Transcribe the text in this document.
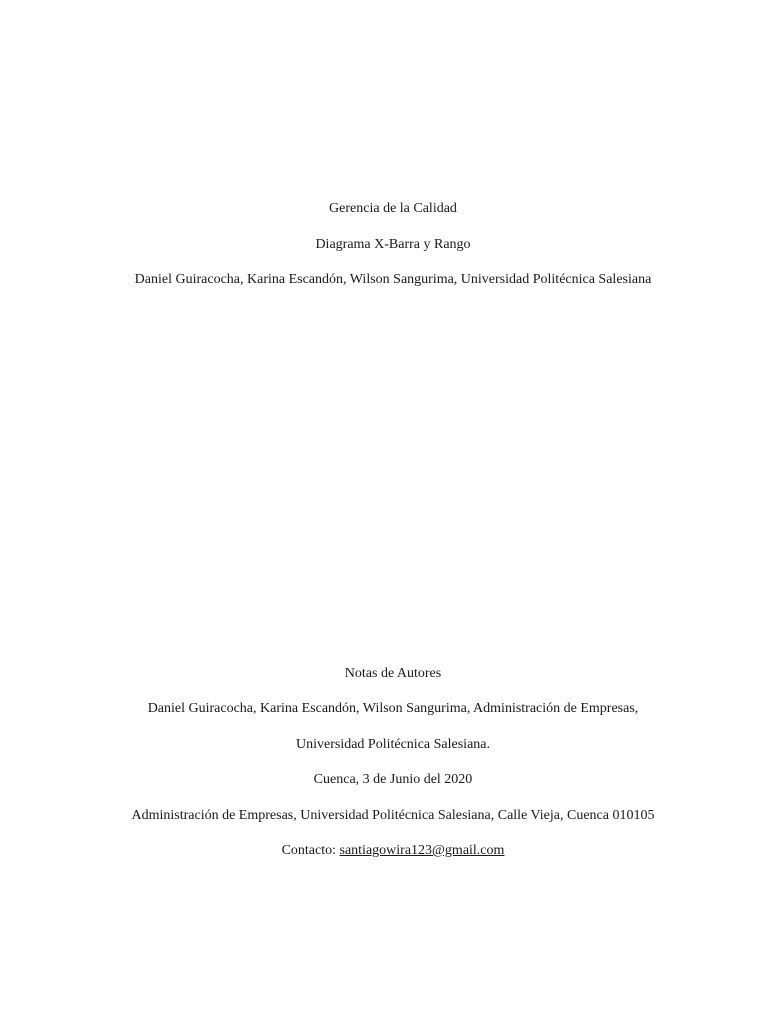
Gerencia de la Calidad
Diagrama X-Barra y Rango
Daniel Guiracocha, Karina Escandón, Wilson Sangurima, Universidad Politécnica Salesiana
Notas de Autores
Daniel Guiracocha, Karina Escandón, Wilson Sangurima, Administración de Empresas,
Universidad Politécnica Salesiana.
Cuenca, 3 de Junio del 2020
Administración de Empresas, Universidad Politécnica Salesiana, Calle Vieja, Cuenca 010105
Contacto: santiagowira123@gmail.com
